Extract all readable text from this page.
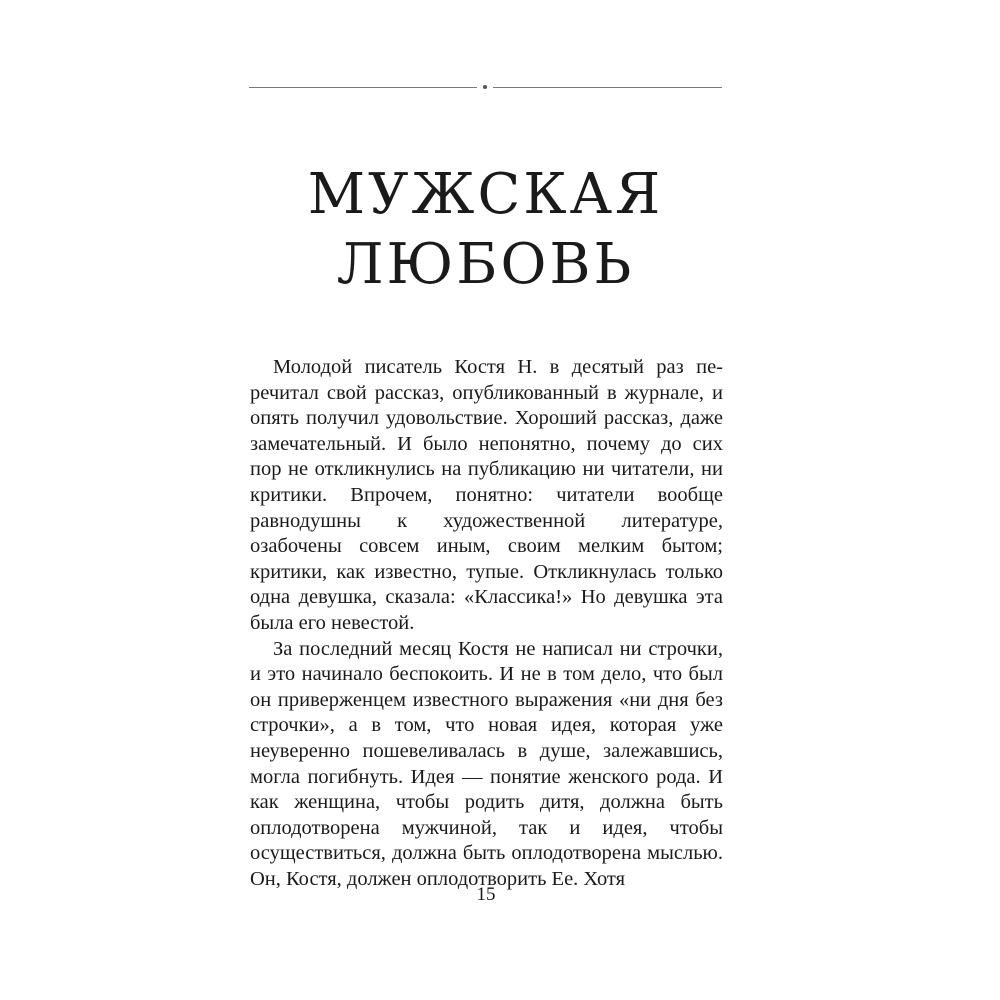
МУЖСКАЯ
ЛЮБОВЬ

Молодой писатель Костя Н. в десятый раз перечитал свой рассказ, опубликованный в журнале, и опять получил удовольствие. Хороший рассказ, даже замечательный. И было непонятно, почему до сих пор не откликнулись на публикацию ни читатели, ни критики. Впрочем, понятно: читатели вообще равнодушны к художественной литературе, озабочены совсем иным, своим мелким бытом; критики, как известно, тупые. Откликнулась только одна девушка, сказала: «Классика!» Но девушка эта была его невестой.

За последний месяц Костя не написал ни строчки, и это начинало беспокоить. И не в том дело, что был он приверженцем известного выражения «ни дня без строчки», а в том, что новая идея, которая уже неуверенно пошевеливалась в душе, залежавшись, могла погибнуть. Идея — понятие женского рода. И как женщина, чтобы родить дитя, должна быть оплодотворена мужчиной, так и идея, чтобы осуществиться, должна быть оплодотворена мыслью. Он, Костя, должен оплодотворить Ее. Хотя

15
